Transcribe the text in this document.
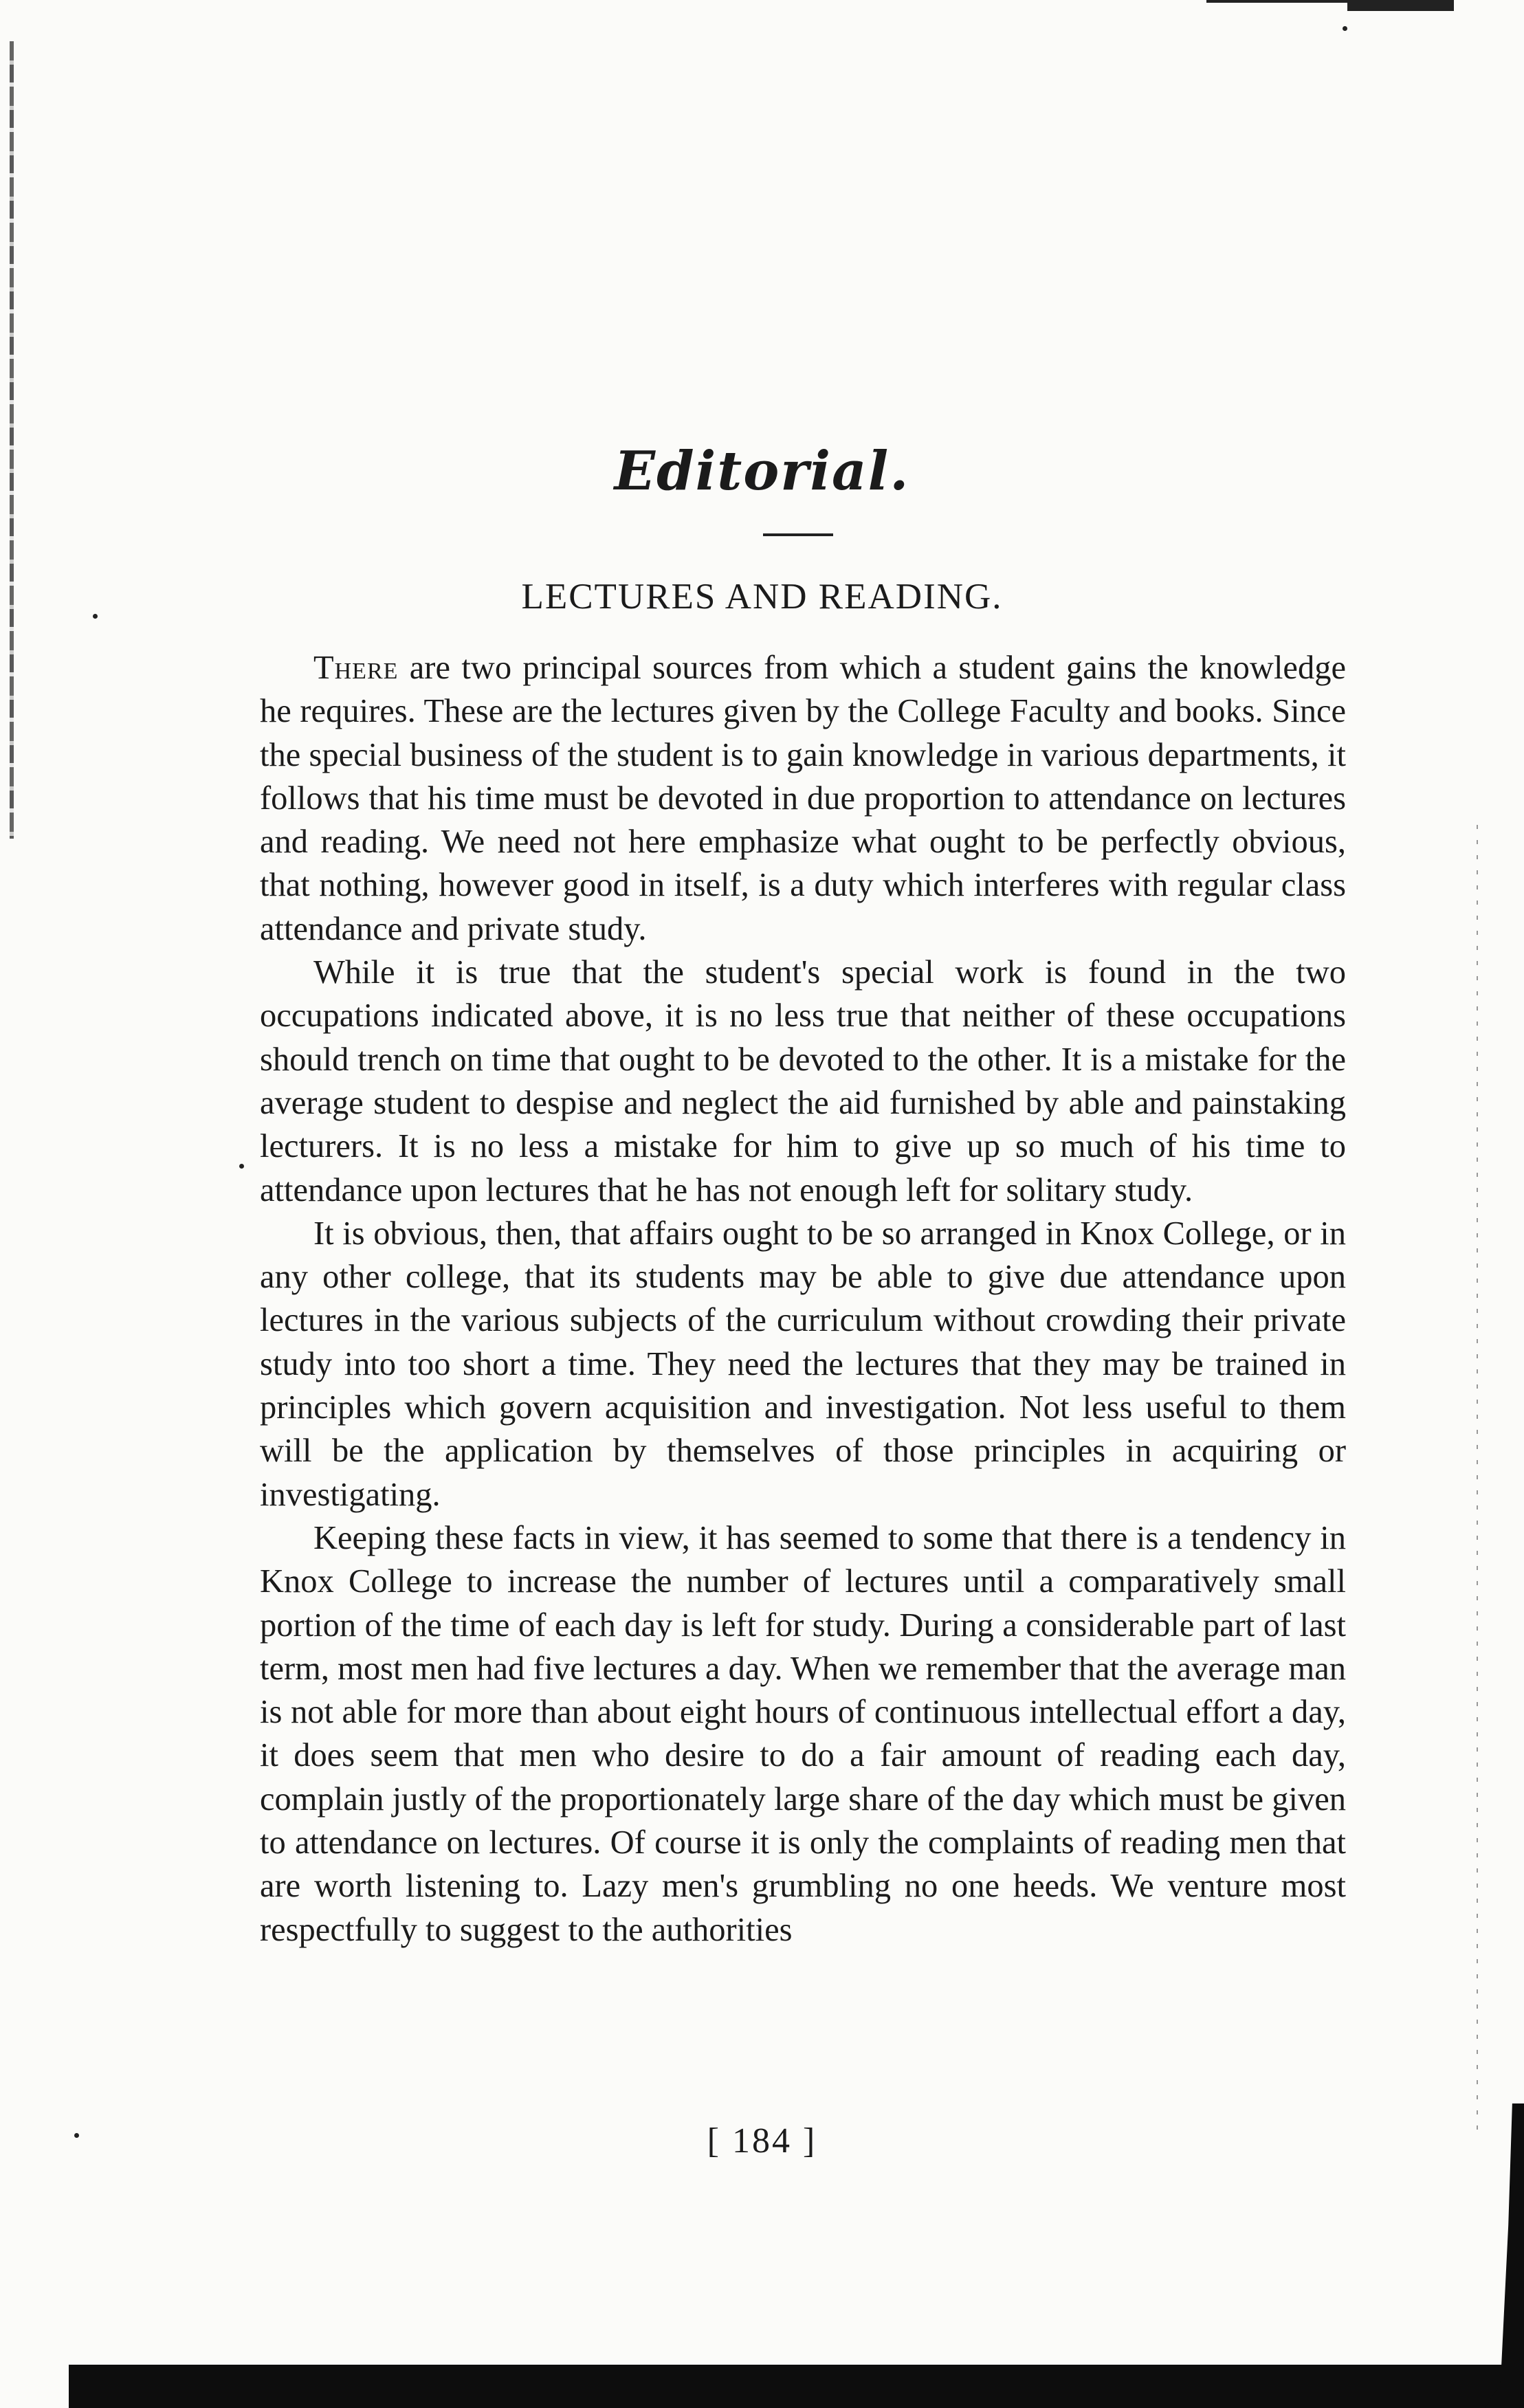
Editorial.
LECTURES AND READING.

There are two principal sources from which a student gains the knowledge he requires. These are the lectures given by the College Faculty and books. Since the special business of the student is to gain knowledge in various departments, it follows that his time must be devoted in due proportion to attendance on lectures and reading. We need not here emphasize what ought to be perfectly obvious, that nothing, however good in itself, is a duty which interferes with regular class attendance and private study.

While it is true that the student's special work is found in the two occupations indicated above, it is no less true that neither of these occupations should trench on time that ought to be devoted to the other. It is a mistake for the average student to despise and neglect the aid furnished by able and painstaking lecturers. It is no less a mistake for him to give up so much of his time to attendance upon lectures that he has not enough left for solitary study.

It is obvious, then, that affairs ought to be so arranged in Knox College, or in any other college, that its students may be able to give due attendance upon lectures in the various subjects of the curriculum without crowding their private study into too short a time. They need the lectures that they may be trained in principles which govern acquisition and investigation. Not less useful to them will be the application by themselves of those principles in acquiring or investigating.

Keeping these facts in view, it has seemed to some that there is a tendency in Knox College to increase the number of lectures until a comparatively small portion of the time of each day is left for study. During a considerable part of last term, most men had five lectures a day. When we remember that the average man is not able for more than about eight hours of continuous intellectual effort a day, it does seem that men who desire to do a fair amount of reading each day, complain justly of the proportionately large share of the day which must be given to attendance on lectures. Of course it is only the complaints of reading men that are worth listening to. Lazy men's grumbling no one heeds. We venture most respectfully to suggest to the authorities

[ 184 ]
